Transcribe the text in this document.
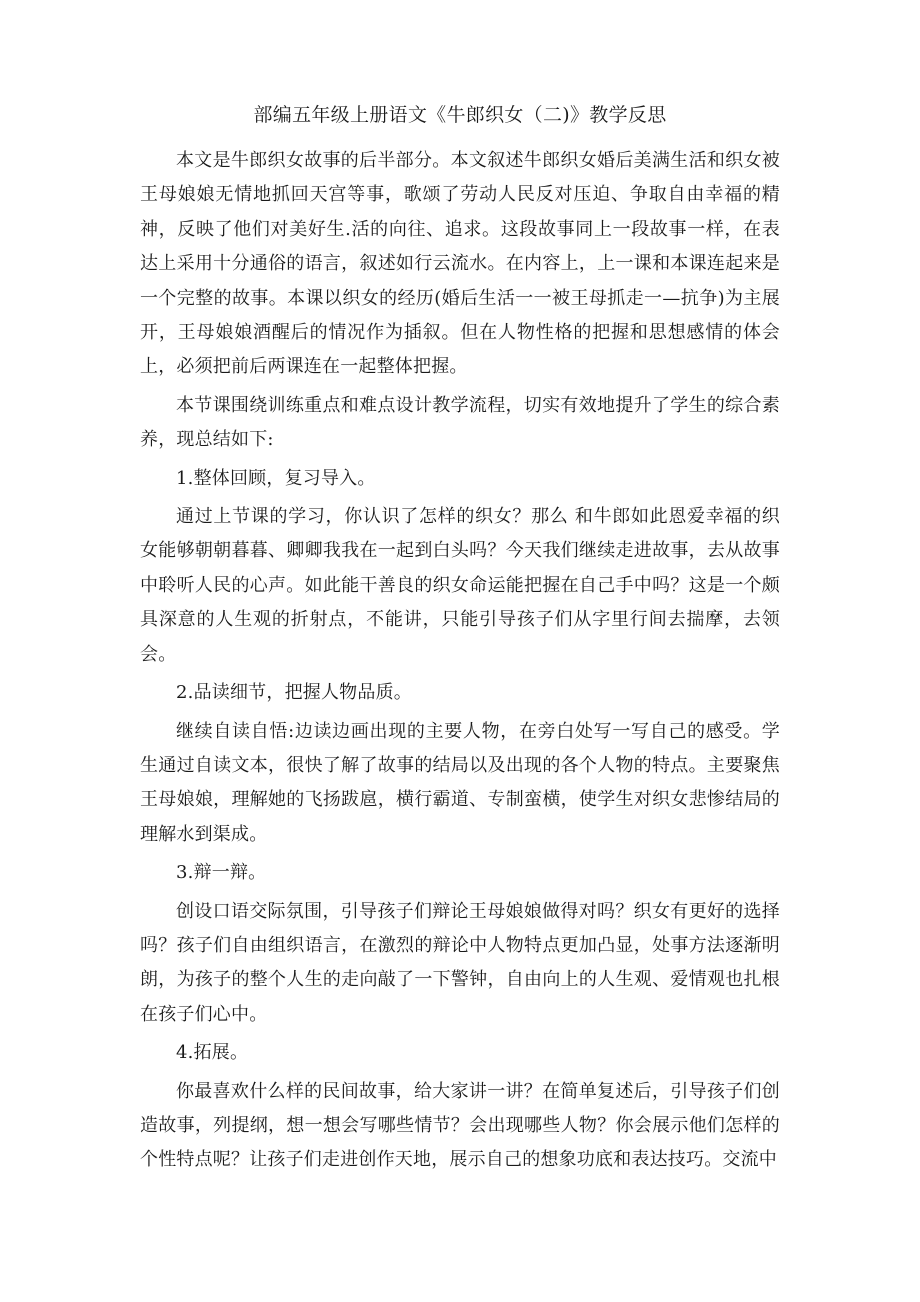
部编五年级上册语文《牛郎织女（二)》教学反思

本文是牛郎织女故事的后半部分。本文叙述牛郎织女婚后美满生活和织女被王母娘娘无情地抓回天宫等事，歌颂了劳动人民反对压迫、争取自由幸福的精神，反映了他们对美好生.活的向往、追求。这段故事同上一段故事一样，在表达上采用十分通俗的语言，叙述如行云流水。在内容上，上一课和本课连起来是一个完整的故事。本课以织女的经历(婚后生活一一被王母抓走一—抗争)为主展开，王母娘娘酒醒后的情况作为插叙。但在人物性格的把握和思想感情的体会上，必须把前后两课连在一起整体把握。

本节课围绕训练重点和难点设计教学流程，切实有效地提升了学生的综合素养，现总结如下:

1.整体回顾，复习导入。

通过上节课的学习，你认识了怎样的织女？那么 和牛郎如此恩爱幸福的织女能够朝朝暮暮、卿卿我我在一起到白头吗？今天我们继续走进故事，去从故事中聆听人民的心声。如此能干善良的织女命运能把握在自己手中吗？这是一个颇具深意的人生观的折射点，不能讲，只能引导孩子们从字里行间去揣摩，去领会。

2.品读细节，把握人物品质。

继续自读自悟:边读边画出现的主要人物，在旁白处写一写自己的感受。学生通过自读文本，很快了解了故事的结局以及出现的各个人物的特点。主要聚焦王母娘娘，理解她的飞扬跋扈，横行霸道、专制蛮横，使学生对织女悲惨结局的理解水到渠成。

3.辩一辩。

创设口语交际氛围，引导孩子们辩论王母娘娘做得对吗？织女有更好的选择吗？孩子们自由组织语言，在激烈的辩论中人物特点更加凸显，处事方法逐渐明朗，为孩子的整个人生的走向敲了一下警钟，自由向上的人生观、爱情观也扎根在孩子们心中。

4.拓展。

你最喜欢什么样的民间故事，给大家讲一讲？在简单复述后，引导孩子们创造故事，列提纲，想一想会写哪些情节？会出现哪些人物？你会展示他们怎样的个性特点呢？让孩子们走进创作天地，展示自己的想象功底和表达技巧。交流中
